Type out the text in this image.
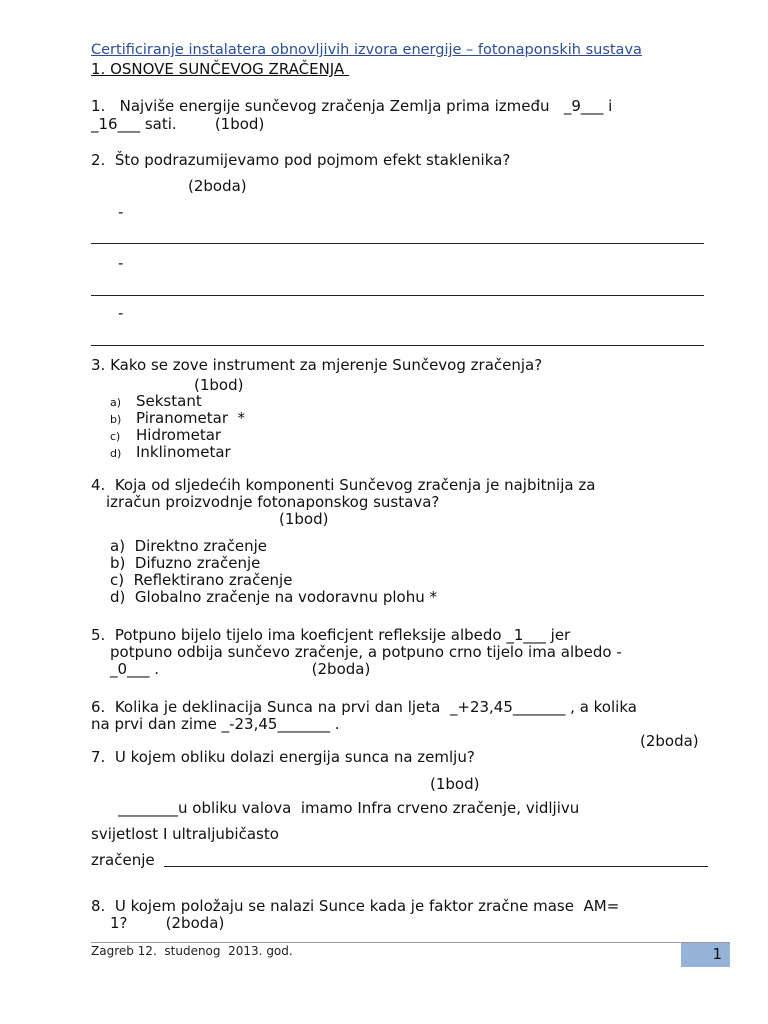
Certificiranje instalatera obnovljivih izvora energije – fotonaponskih sustava
1. OSNOVE SUNČEVOG ZRAČENJA
1.   Najviše energije sunčevog zračenja Zemlja prima između   _9___ i
_16___ sati.        (1bod)
2.  Što podrazumijevamo pod pojmom efekt staklenika?
(2boda)
-
-
-
3. Kako se zove instrument za mjerenje Sunčevog zračenja?
(1bod)
a) Sekstant
b) Piranometar  *
c) Hidrometar
d) Inklinometar
4.  Koja od sljedećih komponenti Sunčevog zračenja je najbitnija za
izračun proizvodnje fotonaponskog sustava?
(1bod)
a)  Direktno zračenje
b)  Difuzno zračenje
c)  Reflektirano zračenje
d)  Globalno zračenje na vodoravnu plohu *
5.  Potpuno bijelo tijelo ima koeficjent refleksije albedo _1___ jer
potpuno odbija sunčevo zračenje, a potpuno crno tijelo ima albedo -
_0___ .                                (2boda)
6.  Kolika je deklinacija Sunca na prvi dan ljeta  _+23,45_______ , a kolika
na prvi dan zime _-23,45_______ .
(2boda)
7.  U kojem obliku dolazi energija sunca na zemlju?
(1bod)
________u obliku valova  imamo Infra crveno zračenje, vidljivu
svijetlost I ultraljubičasto
zračenje
8.  U kojem položaju se nalazi Sunce kada je faktor zračne mase  AM=
1?        (2boda)
Zagreb 12.  studenog  2013. god.	1
